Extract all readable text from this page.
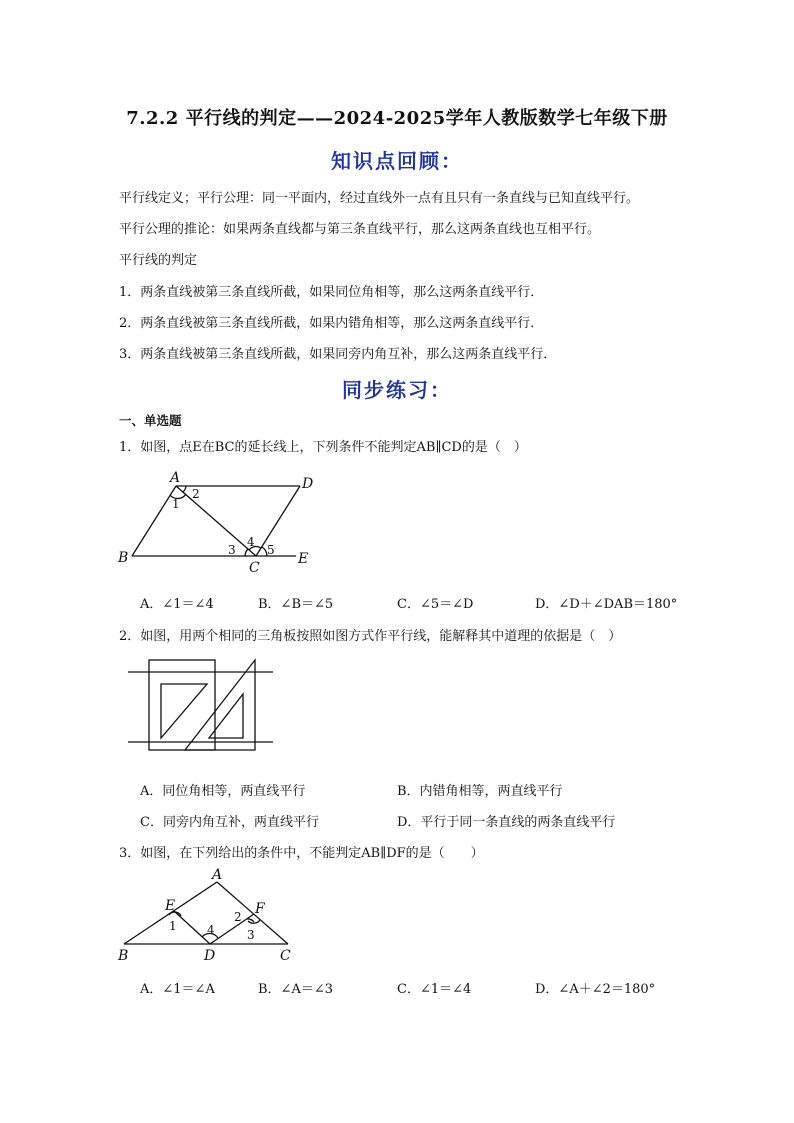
7.2.2 平行线的判定——2024-2025学年人教版数学七年级下册
知识点回顾：
平行线定义；平行公理：同一平面内，经过直线外一点有且只有一条直线与已知直线平行。
平行公理的推论：如果两条直线都与第三条直线平行，那么这两条直线也互相平行。
平行线的判定
1．两条直线被第三条直线所截，如果同位角相等，那么这两条直线平行．
2．两条直线被第三条直线所截，如果内错角相等，那么这两条直线平行．
3．两条直线被第三条直线所截，如果同旁内角互补，那么这两条直线平行．
同步练习：
一、单选题
1．如图，点E在BC的延长线上，下列条件不能判定AB∥CD的是（　）
A
B
C
D
E
1
2
3
4
5
A．∠1＝∠4	B．∠B＝∠5	C．∠5＝∠D	D．∠D＋∠DAB＝180°
2．如图，用两个相同的三角板按照如图方式作平行线，能解释其中道理的依据是（　）
A．同位角相等，两直线平行	B．内错角相等，两直线平行
C．同旁内角互补，两直线平行	D．平行于同一条直线的两条直线平行
3．如图，在下列给出的条件中，不能判定AB∥DF的是（　　）
A
B	C
D
E	F
1	4
2
3
A．∠1＝∠A	B．∠A＝∠3	C．∠1＝∠4	D．∠A＋∠2＝180°
